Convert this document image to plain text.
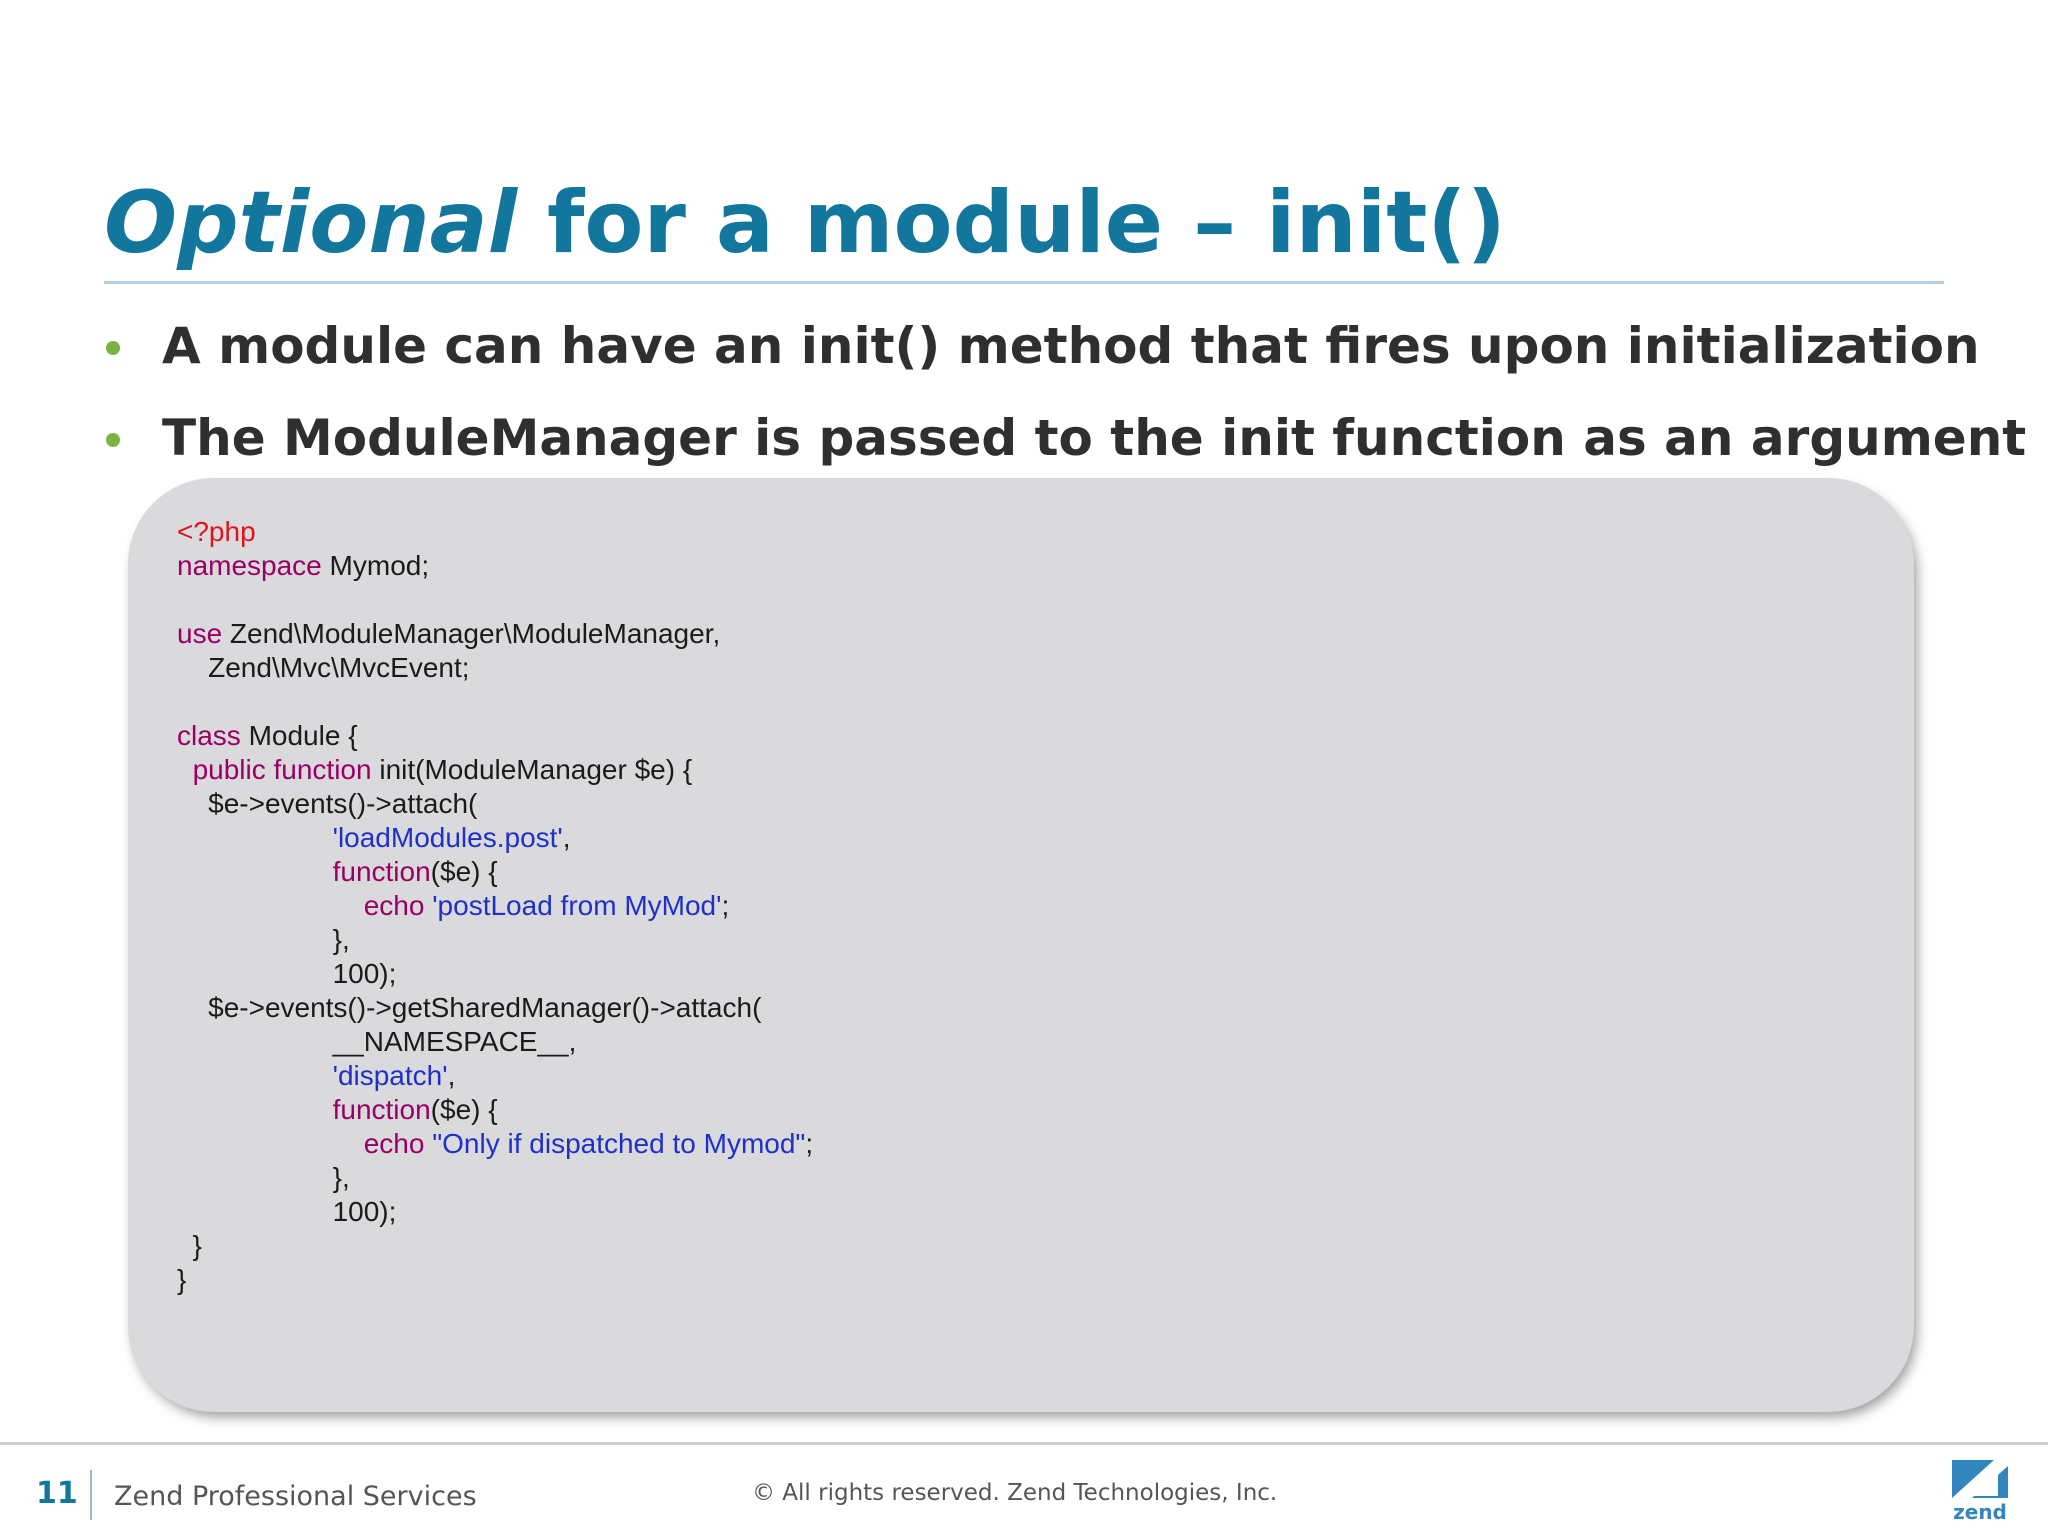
Optional for a module – init()
A module can have an init() method that fires upon initialization
The ModuleManager is passed to the init function as an argument
<?php
namespace Mymod;
use Zend\ModuleManager\ModuleManager,
Zend\Mvc\MvcEvent;
class Module {
public function init(ModuleManager $e) {
$e->events()->attach(
'loadModules.post',
function($e) {
echo 'postLoad from MyMod';
},
100);
$e->events()->getSharedManager()->attach(
__NAMESPACE__,
'dispatch',
function($e) {
echo "Only if dispatched to Mymod";
},
100);
}
}
11 Zend Professional Services	© All rights reserved. Zend Technologies, Inc.
zend
